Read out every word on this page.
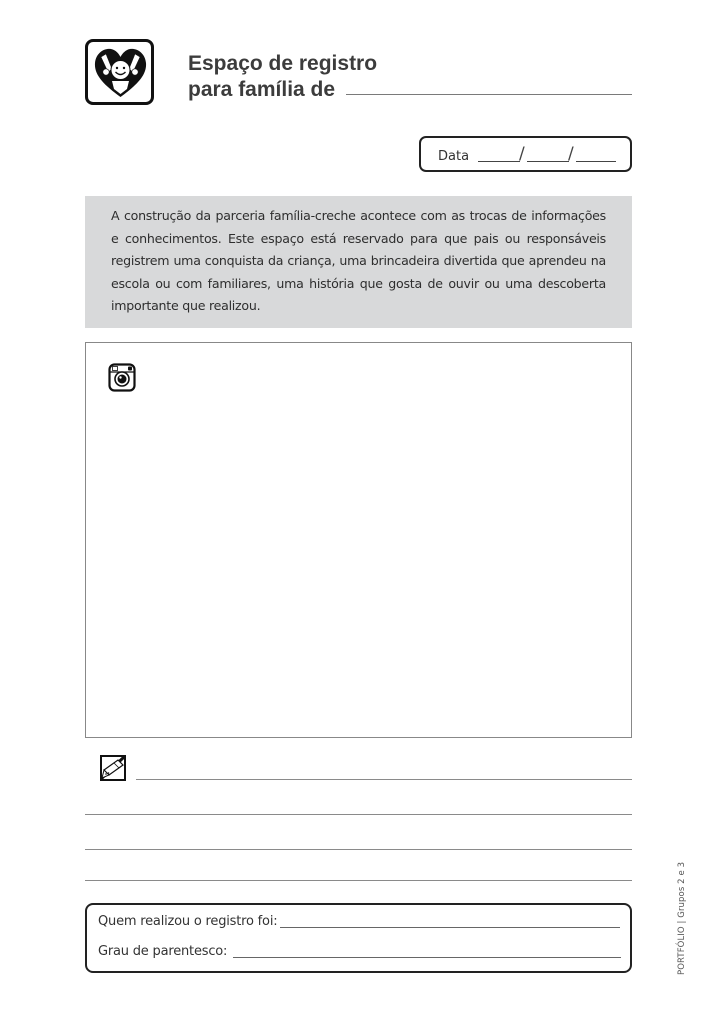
Espaço de registro
para família de
Data	/	/
A construção da parceria família-creche acontece com as trocas de informações e conhecimentos. Este espaço está reservado para que pais ou responsáveis registrem uma conquista da criança, uma brincadeira divertida que aprendeu na escola ou com familiares, uma história que gosta de ouvir ou uma descoberta importante que realizou.
Quem realizou o registro foi:
Grau de parentesco:	PORTFÓLIO | Grupos 2 e 3
